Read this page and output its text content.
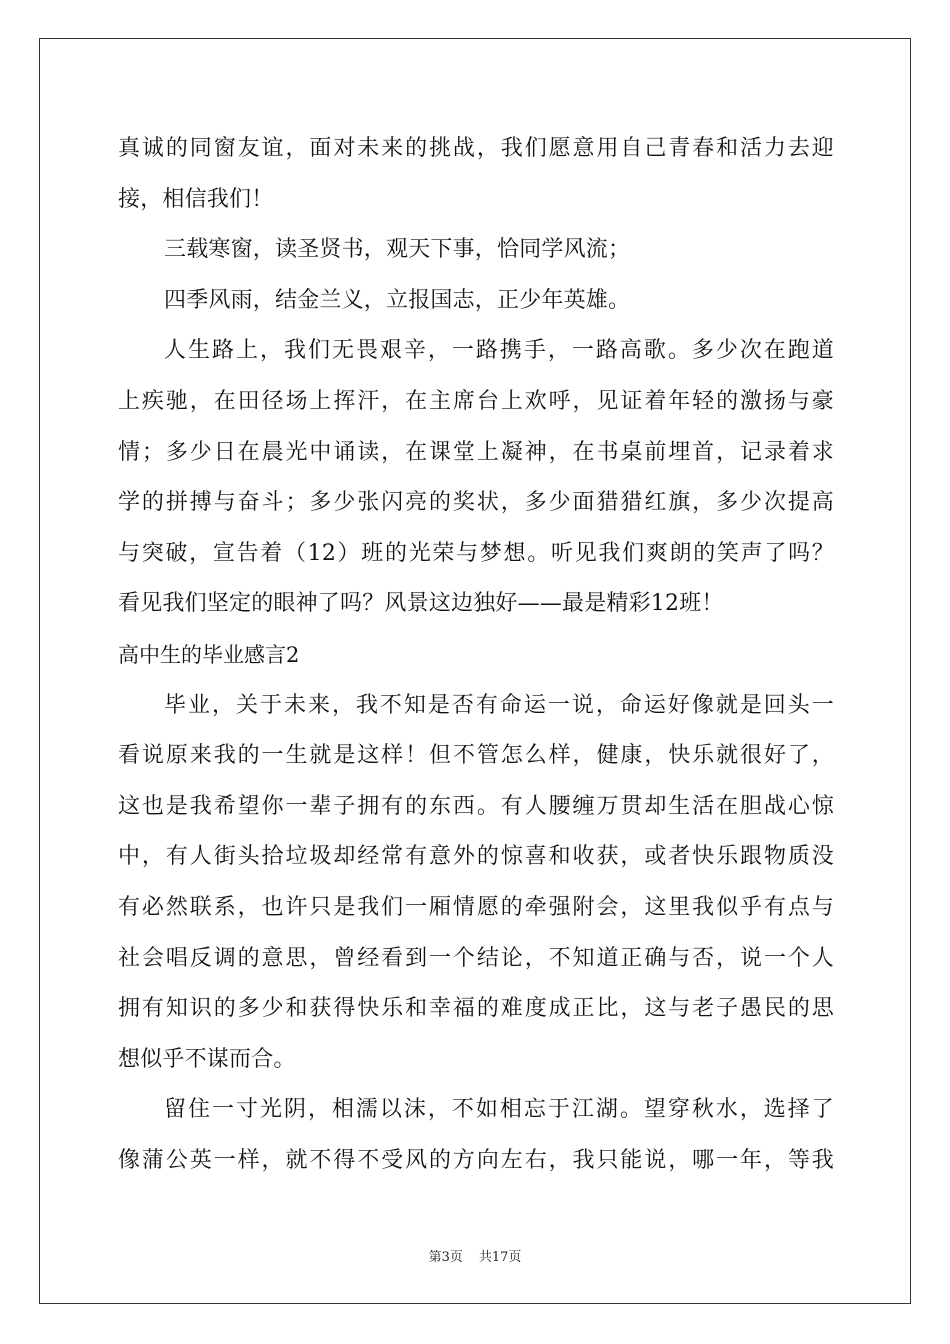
真诚的同窗友谊，面对未来的挑战，我们愿意用自己青春和活力去迎
接，相信我们！
三载寒窗，读圣贤书，观天下事，恰同学风流；
四季风雨，结金兰义，立报国志，正少年英雄。
人生路上，我们无畏艰辛，一路携手，一路高歌。多少次在跑道
上疾驰，在田径场上挥汗，在主席台上欢呼，见证着年轻的激扬与豪
情；多少日在晨光中诵读，在课堂上凝神，在书桌前埋首，记录着求
学的拼搏与奋斗；多少张闪亮的奖状，多少面猎猎红旗，多少次提高
与突破，宣告着（12）班的光荣与梦想。听见我们爽朗的笑声了吗？
看见我们坚定的眼神了吗？风景这边独好——最是精彩12班！
高中生的毕业感言2
毕业，关于未来，我不知是否有命运一说，命运好像就是回头一
看说原来我的一生就是这样！但不管怎么样，健康，快乐就很好了，
这也是我希望你一辈子拥有的东西。有人腰缠万贯却生活在胆战心惊
中，有人街头拾垃圾却经常有意外的惊喜和收获，或者快乐跟物质没
有必然联系，也许只是我们一厢情愿的牵强附会，这里我似乎有点与
社会唱反调的意思，曾经看到一个结论，不知道正确与否，说一个人
拥有知识的多少和获得快乐和幸福的难度成正比，这与老子愚民的思
想似乎不谋而合。
留住一寸光阴，相濡以沫，不如相忘于江湖。望穿秋水，选择了
像蒲公英一样，就不得不受风的方向左右，我只能说，哪一年，等我
第3页 共17页
